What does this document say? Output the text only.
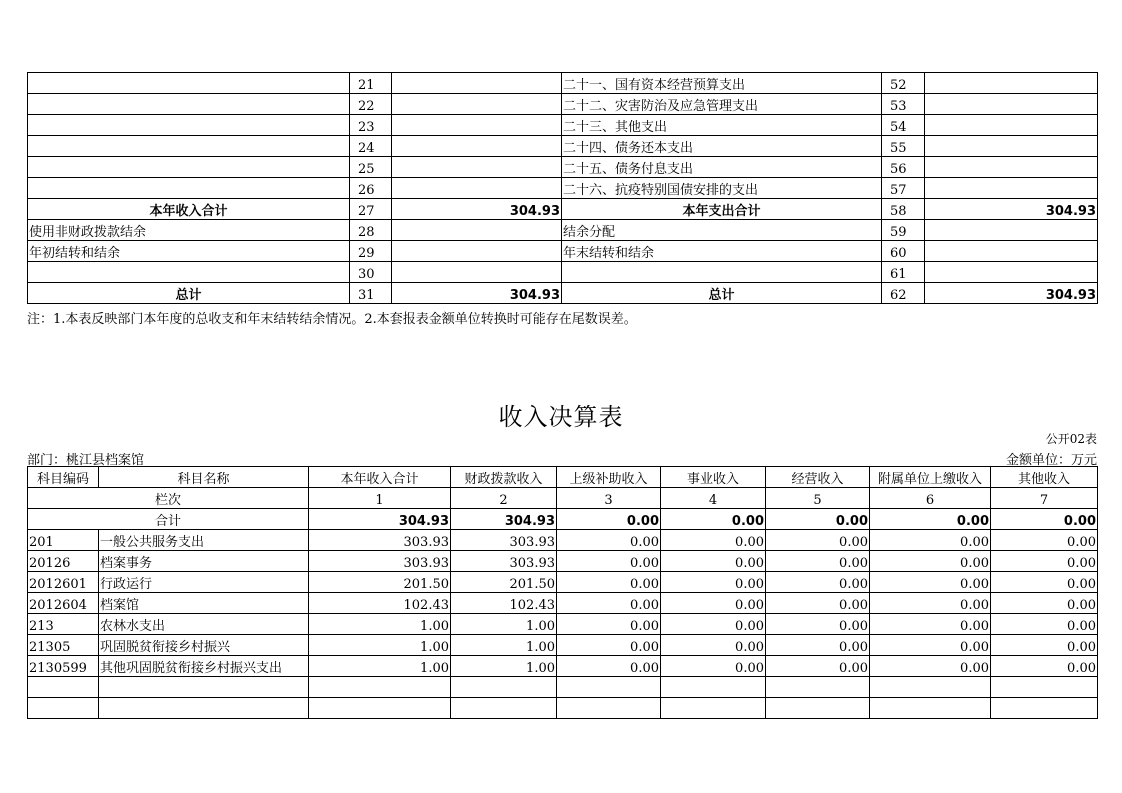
	21		二十一、国有资本经营预算支出	52	
	22		二十二、灾害防治及应急管理支出	53	
	23		二十三、其他支出	54	
	24		二十四、债务还本支出	55	
	25		二十五、债务付息支出	56	
	26		二十六、抗疫特别国债安排的支出	57	
本年收入合计	27	304.93	本年支出合计	58	304.93
使用非财政拨款结余	28		结余分配	59	
年初结转和结余	29		年末结转和结余	60	
	30			61	
总计	31	304.93	总计	62	304.93
注：1.本表反映部门本年度的总收支和年末结转结余情况。2.本套报表金额单位转换时可能存在尾数误差。
收入决算表
公开02表
部门：桃江县档案馆	金额单位：万元
科目编码	科目名称	本年收入合计	财政拨款收入	上级补助收入	事业收入	经营收入	附属单位上缴收入	其他收入
栏次		1	2	3	4	5	6	7
合计		304.93	304.93	0.00	0.00	0.00	0.00	0.00
201	一般公共服务支出	303.93	303.93	0.00	0.00	0.00	0.00	0.00
20126	档案事务	303.93	303.93	0.00	0.00	0.00	0.00	0.00
2012601	行政运行	201.50	201.50	0.00	0.00	0.00	0.00	0.00
2012604	档案馆	102.43	102.43	0.00	0.00	0.00	0.00	0.00
213	农林水支出	1.00	1.00	0.00	0.00	0.00	0.00	0.00
21305	巩固脱贫衔接乡村振兴	1.00	1.00	0.00	0.00	0.00	0.00	0.00
2130599	其他巩固脱贫衔接乡村振兴支出	1.00	1.00	0.00	0.00	0.00	0.00	0.00
